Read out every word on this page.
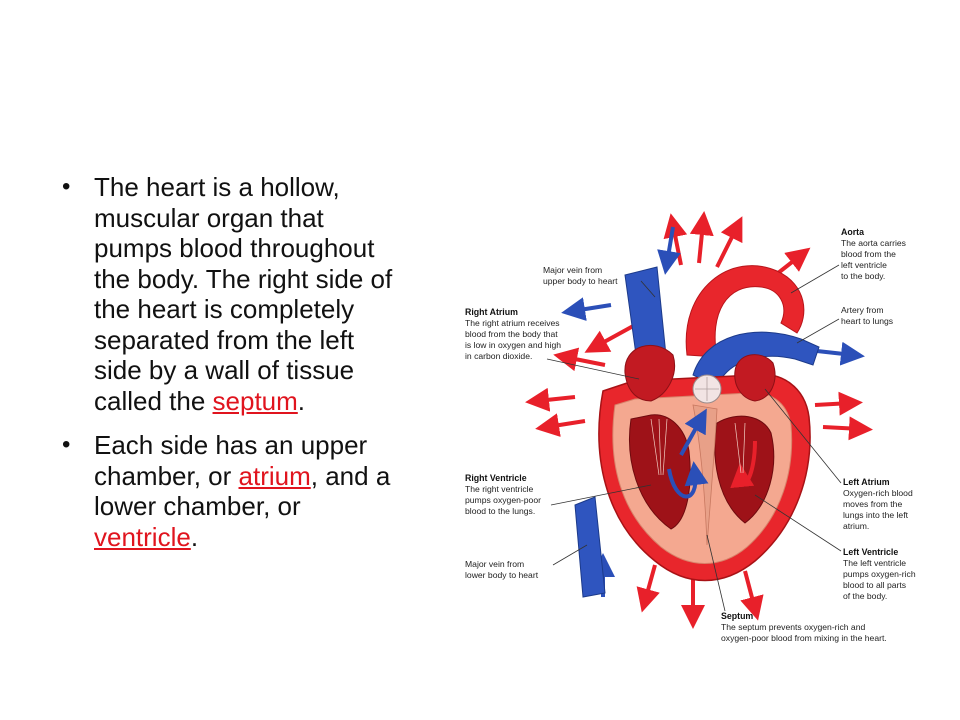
• The heart is a hollow, muscular organ that pumps blood throughout the body. The right side of the heart is completely separated from the left side by a wall of tissue called the septum.
• Each side has an upper chamber, or atrium, and a lower chamber, or ventricle.
Aorta
The aorta carries
blood from the
left ventricle
to the body.
Artery from
heart to lungs
Major vein from
upper body to heart
Right Atrium
The right atrium receives
blood from the body that
is low in oxygen and high
in carbon dioxide.
Right Ventricle
The right ventricle
pumps oxygen-poor
blood to the lungs.
Major vein from
lower body to heart
Left Atrium
Oxygen-rich blood
moves from the
lungs into the left
atrium.
Left Ventricle
The left ventricle
pumps oxygen-rich
blood to all parts
of the body.
Septum
The septum prevents oxygen-rich and
oxygen-poor blood from mixing in the heart.
